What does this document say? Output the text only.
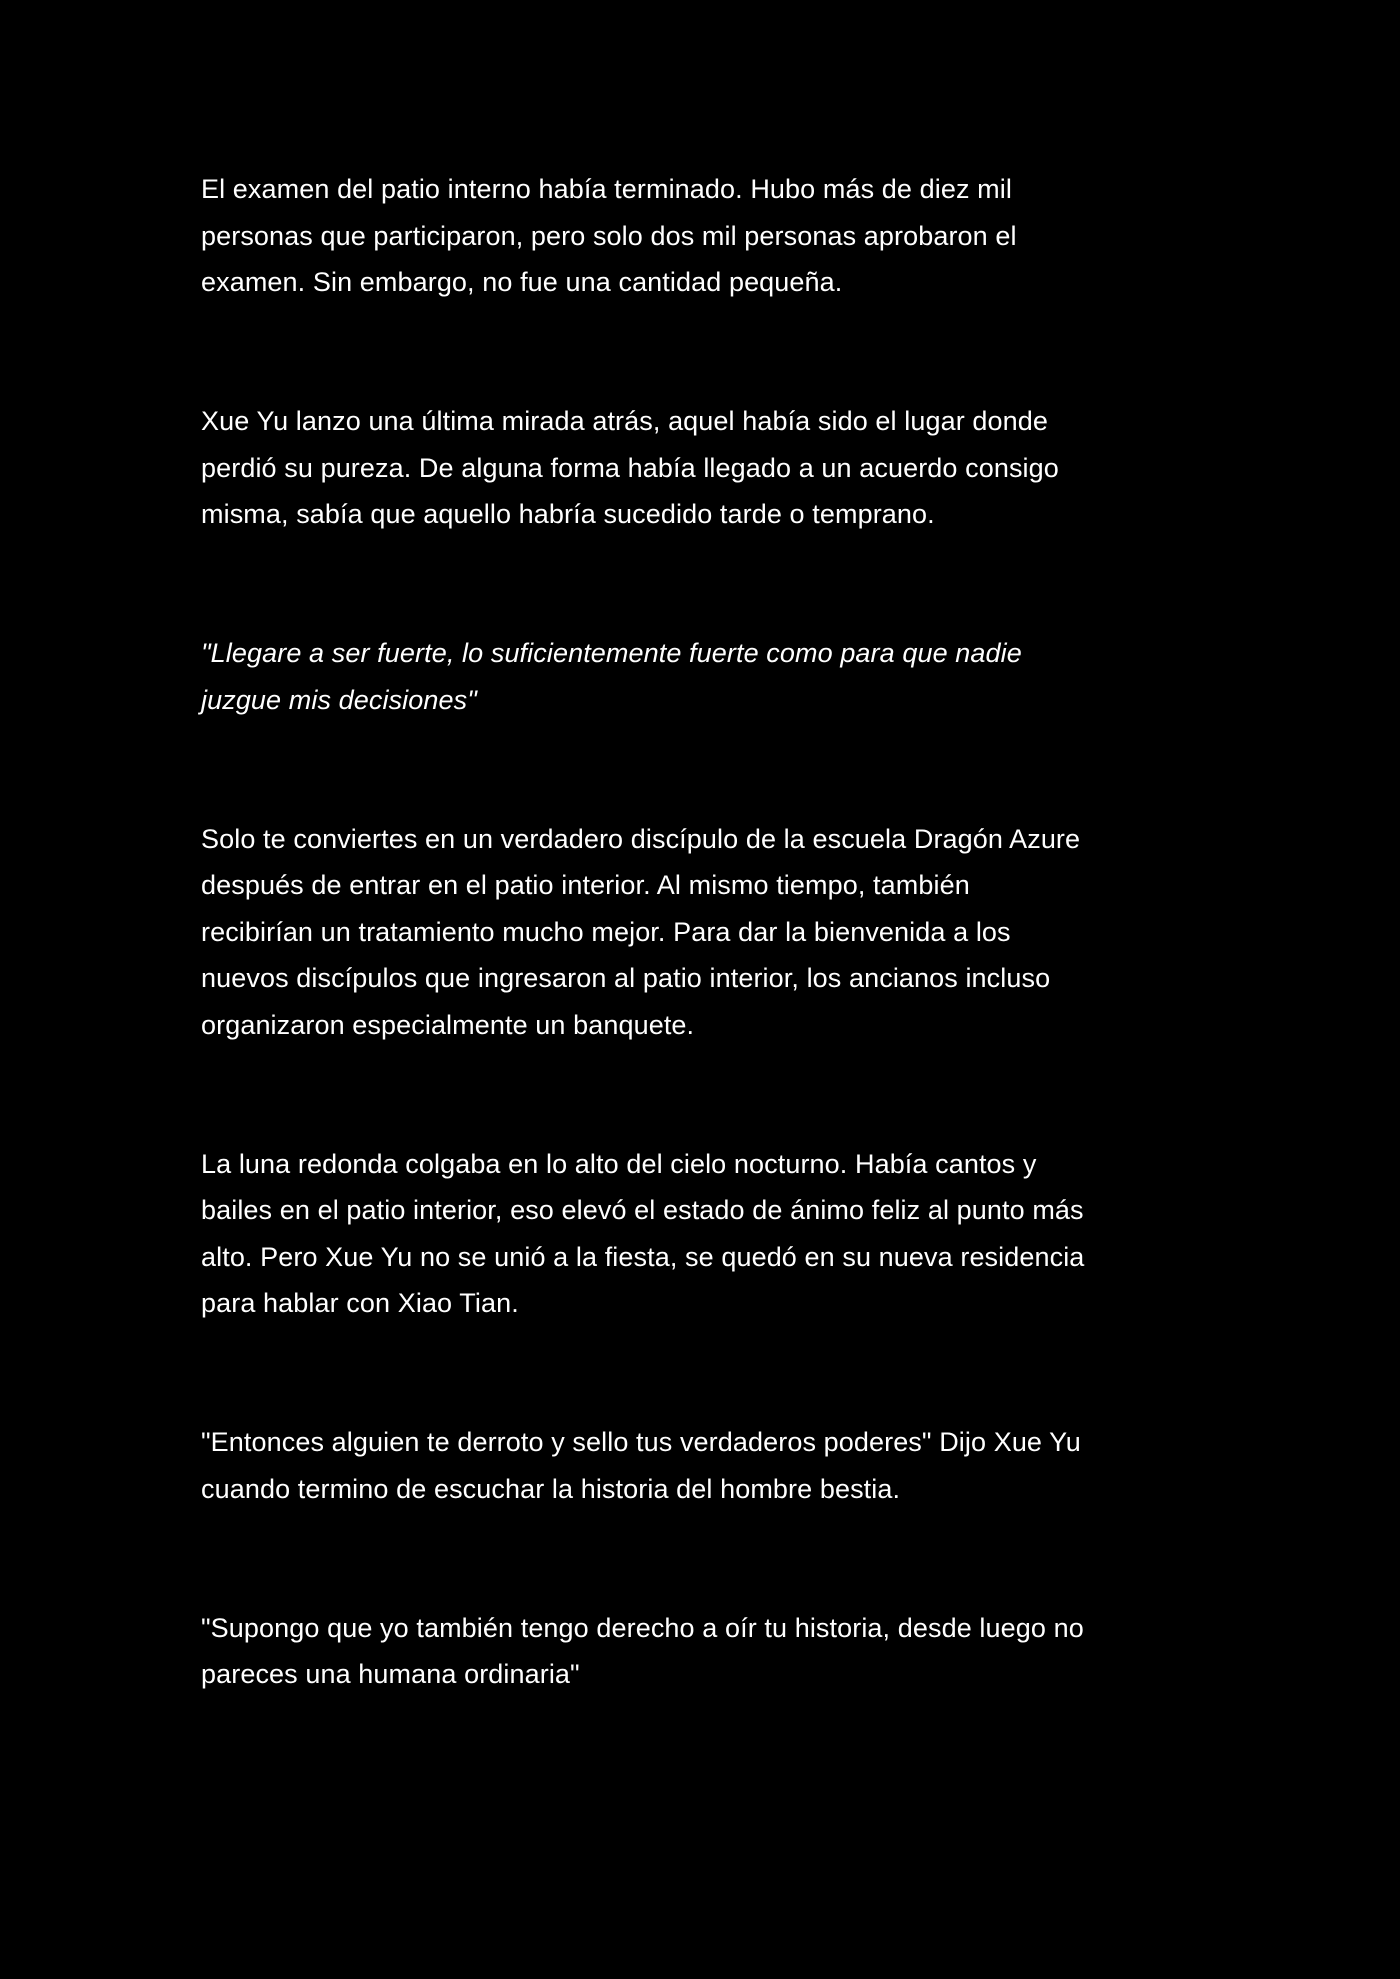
El examen del patio interno había terminado. Hubo más de diez mil
personas que participaron, pero solo dos mil personas aprobaron el
examen. Sin embargo, no fue una cantidad pequeña.

Xue Yu lanzo una última mirada atrás, aquel había sido el lugar donde
perdió su pureza. De alguna forma había llegado a un acuerdo consigo
misma, sabía que aquello habría sucedido tarde o temprano.

"Llegare a ser fuerte, lo suficientemente fuerte como para que nadie
juzgue mis decisiones"

Solo te conviertes en un verdadero discípulo de la escuela Dragón Azure
después de entrar en el patio interior. Al mismo tiempo, también
recibirían un tratamiento mucho mejor. Para dar la bienvenida a los
nuevos discípulos que ingresaron al patio interior, los ancianos incluso
organizaron especialmente un banquete.

La luna redonda colgaba en lo alto del cielo nocturno. Había cantos y
bailes en el patio interior, eso elevó el estado de ánimo feliz al punto más
alto. Pero Xue Yu no se unió a la fiesta, se quedó en su nueva residencia
para hablar con Xiao Tian.

"Entonces alguien te derroto y sello tus verdaderos poderes" Dijo Xue Yu
cuando termino de escuchar la historia del hombre bestia.

"Supongo que yo también tengo derecho a oír tu historia, desde luego no
pareces una humana ordinaria"
